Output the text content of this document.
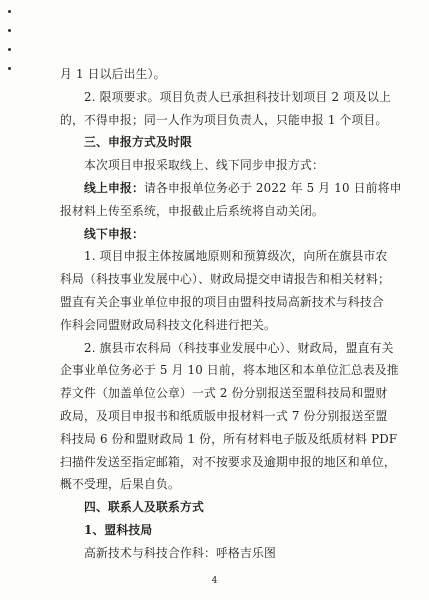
月 1 日以后出生）。
2. 限项要求。项目负责人已承担科技计划项目 2 项及以上
的，不得申报；同一人作为项目负责人，只能申报 1 个项目。
三、申报方式及时限
本次项目申报采取线上、线下同步申报方式：
线上申报：请各申报单位务必于 2022 年 5 月 10 日前将申
报材料上传至系统，申报截止后系统将自动关闭。
线下申报：
1. 项目申报主体按属地原则和预算级次，向所在旗县市农
科局（科技事业发展中心）、财政局提交申请报告和相关材料；
盟直有关企事业单位申报的项目由盟科技局高新技术与科技合
作科会同盟财政局科技文化科进行把关。
2. 旗县市农科局（科技事业发展中心）、财政局，盟直有关
企事业单位务必于 5 月 10 日前，将本地区和本单位汇总表及推
荐文件（加盖单位公章）一式 2 份分别报送至盟科技局和盟财
政局，及项目申报书和纸质版申报材料一式 7 份分别报送至盟
科技局 6 份和盟财政局 1 份，所有材料电子版及纸质材料 PDF
扫描件发送至指定邮箱，对不按要求及逾期申报的地区和单位，
概不受理，后果自负。
四、联系人及联系方式
1、盟科技局
高新技术与科技合作科：呼格吉乐图
4
